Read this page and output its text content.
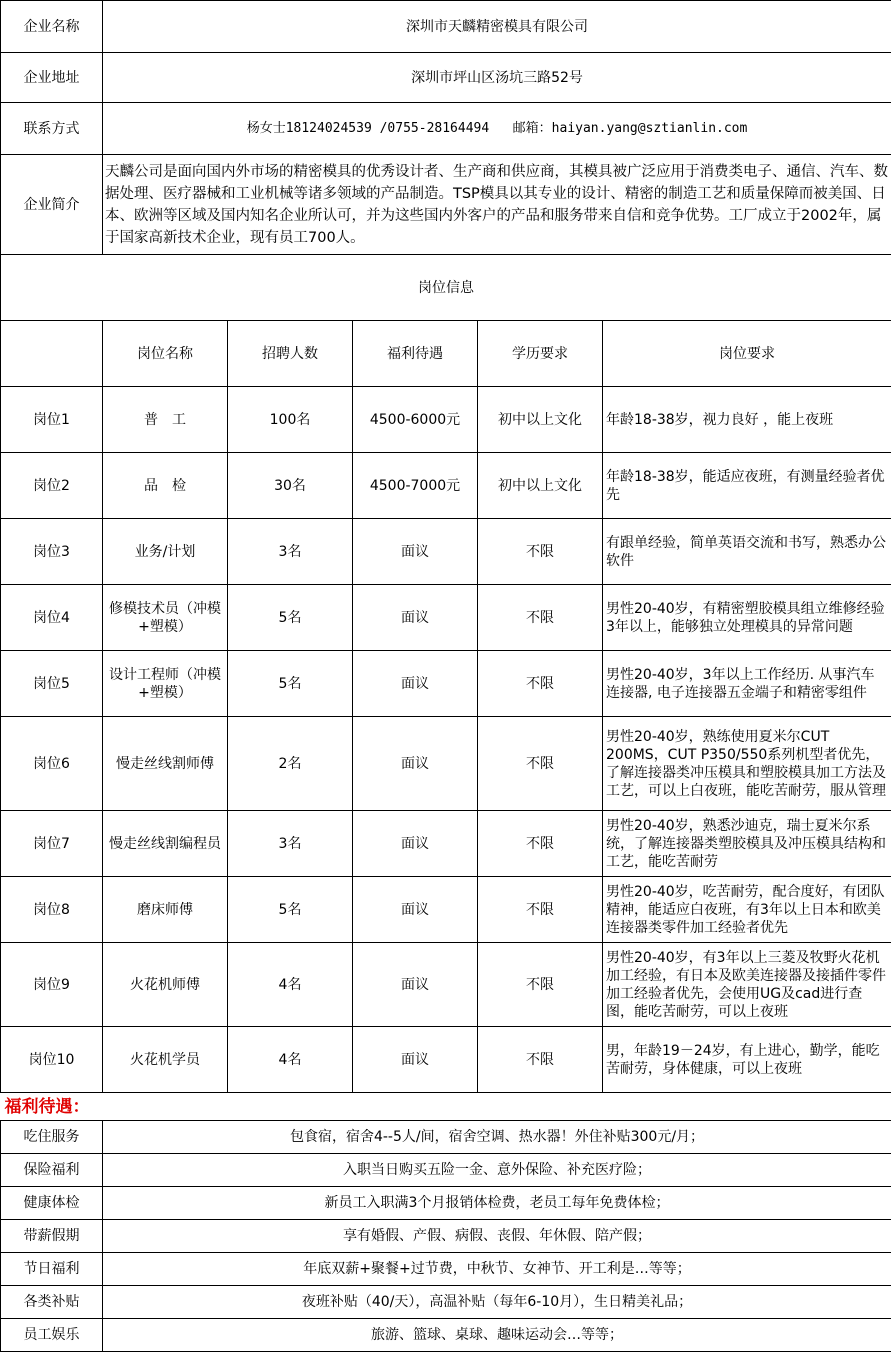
企业名称	深圳市天麟精密模具有限公司				
企业地址	深圳市坪山区汤坑三路52号				
联系方式	杨女士18124024539 /0755-28164494   邮箱：haiyan.yang@sztianlin.com				
企业简介	天麟公司是面向国内外市场的精密模具的优秀设计者、生产商和供应商，其模具被广泛应用于消费类电子、通信、汽车、数据处理、医疗器械和工业机械等诸多领域的产品制造。TSP模具以其专业的设计、精密的制造工艺和质量保障而被美国、日本、欧洲等区域及国内知名企业所认可，并为这些国内外客户的产品和服务带来自信和竞争优势。工厂成立于2002年，属于国家高新技术企业，现有员工700人。				
岗位信息					
	岗位名称	招聘人数	福利待遇	学历要求	岗位要求
岗位1	普　工	100名	4500-6000元	初中以上文化	年龄18-38岁，视力良好 ，能上夜班
岗位2	品　检	30名	4500-7000元	初中以上文化	年龄18-38岁，能适应夜班，有测量经验者优先
岗位3	业务/计划	3名	面议	不限	有跟单经验，简单英语交流和书写，熟悉办公软件
岗位4	修模技术员（冲模+塑模）	5名	面议	不限	男性20-40岁，有精密塑胶模具组立维修经验3年以上，能够独立处理模具的异常问题
岗位5	设计工程师（冲模+塑模）	5名	面议	不限	男性20-40岁，3年以上工作经历. 从事汽车连接器, 电子连接器五金端子和精密零组件
岗位6	慢走丝线割师傅	2名	面议	不限	男性20-40岁，熟练使用夏米尔CUT 200MS，CUT P350/550系列机型者优先，了解连接器类冲压模具和塑胶模具加工方法及工艺，可以上白夜班，能吃苦耐劳，服从管理
岗位7	慢走丝线割编程员	3名	面议	不限	男性20-40岁，熟悉沙迪克，瑞士夏米尔系统，了解连接器类塑胶模具及冲压模具结构和工艺，能吃苦耐劳
岗位8	磨床师傅	5名	面议	不限	男性20-40岁，吃苦耐劳，配合度好，有团队精神，能适应白夜班，有3年以上日本和欧美连接器类零件加工经验者优先
岗位9	火花机师傅	4名	面议	不限	男性20-40岁，有3年以上三菱及牧野火花机加工经验，有日本及欧美连接器及接插件零件加工经验者优先，会使用UG及cad进行查图，能吃苦耐劳，可以上夜班
岗位10	火花机学员	4名	面议	不限	男，年龄19－24岁，有上进心，勤学，能吃苦耐劳，身体健康，可以上夜班
福利待遇：					
吃住服务	包食宿，宿舍4--5人/间，宿舍空调、热水器！外住补贴300元/月；				
保险福利	入职当日购买五险一金、意外保险、补充医疗险；				
健康体检	新员工入职满3个月报销体检费，老员工每年免费体检；				
带薪假期	享有婚假、产假、病假、丧假、年休假、陪产假；				
节日福利	年底双薪+聚餐+过节费，中秋节、女神节、开工利是…等等；				
各类补贴	夜班补贴（40/天），高温补贴（每年6-10月），生日精美礼品；				
员工娱乐	旅游、篮球、桌球、趣味运动会…等等；				
